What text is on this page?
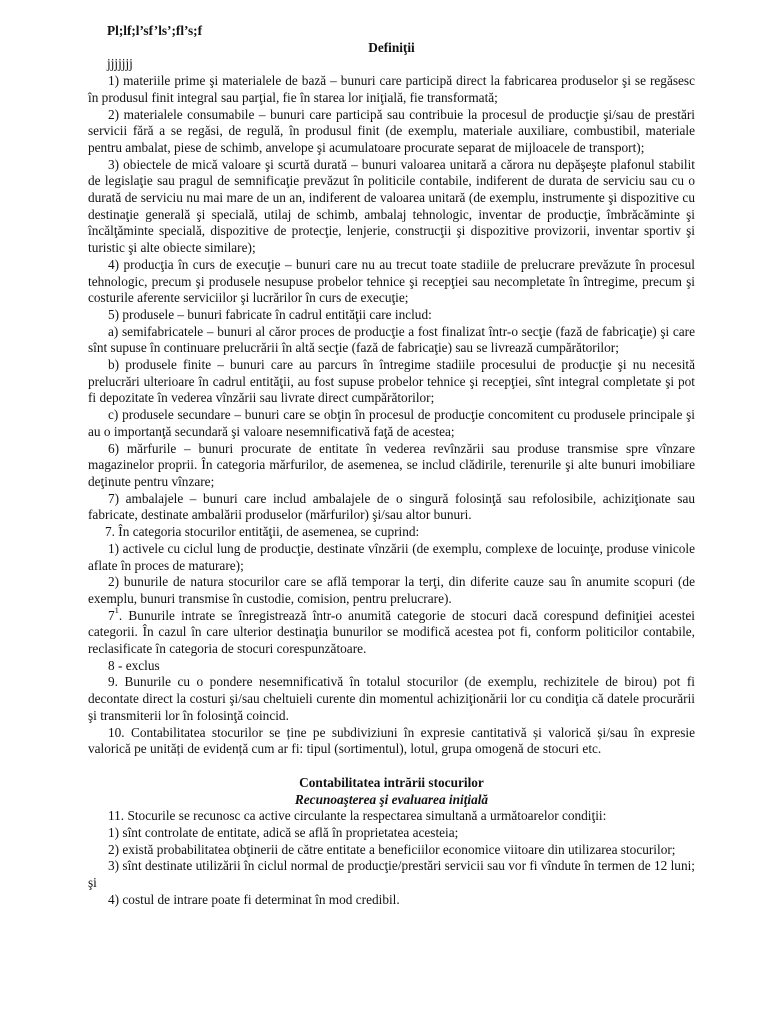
Pl;lf;l’sf’ls’;fl’s;f

Definiţii

jjjjjjj

1) materiile prime şi materialele de bază – bunuri care participă direct la fabricarea produselor şi se regăsesc în produsul finit integral sau parţial, fie în starea lor iniţială, fie transformată;

2) materialele consumabile – bunuri care participă sau contribuie la procesul de producţie şi/sau de prestări servicii fără a se regăsi, de regulă, în produsul finit (de exemplu, materiale auxiliare, combustibil, materiale pentru ambalat, piese de schimb, anvelope şi acumulatoare procurate separat de mijloacele de transport);

3) obiectele de mică valoare şi scurtă durată – bunuri valoarea unitară a cărora nu depăşeşte plafonul stabilit de legislaţie sau pragul de semnificaţie prevăzut în politicile contabile, indiferent de durata de serviciu sau cu o durată de serviciu nu mai mare de un an, indiferent de valoarea unitară (de exemplu, instrumente şi dispozitive cu destinaţie generală şi specială, utilaj de schimb, ambalaj tehnologic, inventar de producţie, îmbrăcăminte şi încălţăminte specială, dispozitive de protecţie, lenjerie, construcţii şi dispozitive provizorii, inventar sportiv şi turistic şi alte obiecte similare);

4) producţia în curs de execuţie – bunuri care nu au trecut toate stadiile de prelucrare prevăzute în procesul tehnologic, precum şi produsele nesupuse probelor tehnice şi recepţiei sau necompletate în întregime, precum şi costurile aferente serviciilor şi lucrărilor în curs de execuţie;

5) produsele – bunuri fabricate în cadrul entităţii care includ:

a) semifabricatele – bunuri al căror proces de producţie a fost finalizat într-o secţie (fază de fabricaţie) şi care sînt supuse în continuare prelucrării în altă secţie (fază de fabricaţie) sau se livrează cumpărătorilor;

b) produsele finite – bunuri care au parcurs în întregime stadiile procesului de producţie şi nu necesită prelucrări ulterioare în cadrul entităţii, au fost supuse probelor tehnice şi recepţiei, sînt integral completate şi pot fi depozitate în vederea vînzării sau livrate direct cumpărătorilor;

c) produsele secundare – bunuri care se obţin în procesul de producţie concomitent cu produsele principale şi au o importanţă secundară şi valoare nesemnificativă faţă de acestea;

6) mărfurile – bunuri procurate de entitate în vederea revînzării sau produse transmise spre vînzare magazinelor proprii. În categoria mărfurilor, de asemenea, se includ clădirile, terenurile şi alte bunuri imobiliare deţinute pentru vînzare;

7) ambalajele – bunuri care includ ambalajele de o singură folosinţă sau refolosibile, achiziţionate sau fabricate, destinate ambalării produselor (mărfurilor) şi/sau altor bunuri.

7. În categoria stocurilor entităţii, de asemenea, se cuprind:

1) activele cu ciclul lung de producţie, destinate vînzării (de exemplu, complexe de locuinţe, produse vinicole aflate în proces de maturare);

2) bunurile de natura stocurilor care se află temporar la terţi, din diferite cauze sau în anumite scopuri (de exemplu, bunuri transmise în custodie, comision, pentru prelucrare).

$7^1$. Bunurile intrate se înregistrează într-o anumită categorie de stocuri dacă corespund definiţiei acestei categorii. În cazul în care ulterior destinaţia bunurilor se modifică acestea pot fi, conform politicilor contabile, reclasificate în categoria de stocuri corespunzătoare.

8 - exclus

9. Bunurile cu o pondere nesemnificativă în totalul stocurilor (de exemplu, rechizitele de birou) pot fi decontate direct la costuri şi/sau cheltuieli curente din momentul achiziţionării lor cu condiţia că datele procurării şi transmiterii lor în folosinţă coincid.

10. Contabilitatea stocurilor se ține pe subdiviziuni în expresie cantitativă și valorică și/sau în expresie valorică pe unități de evidență cum ar fi: tipul (sortimentul), lotul, grupa omogenă de stocuri etc.

Contabilitatea intrării stocurilor

Recunoaşterea şi evaluarea iniţială

11. Stocurile se recunosc ca active circulante la respectarea simultană a următoarelor condiţii:

1) sînt controlate de entitate, adică se află în proprietatea acesteia;

2) există probabilitatea obţinerii de către entitate a beneficiilor economice viitoare din utilizarea stocurilor;

3) sînt destinate utilizării în ciclul normal de producţie/prestări servicii sau vor fi vîndute în termen de 12 luni; şi

4) costul de intrare poate fi determinat în mod credibil.
